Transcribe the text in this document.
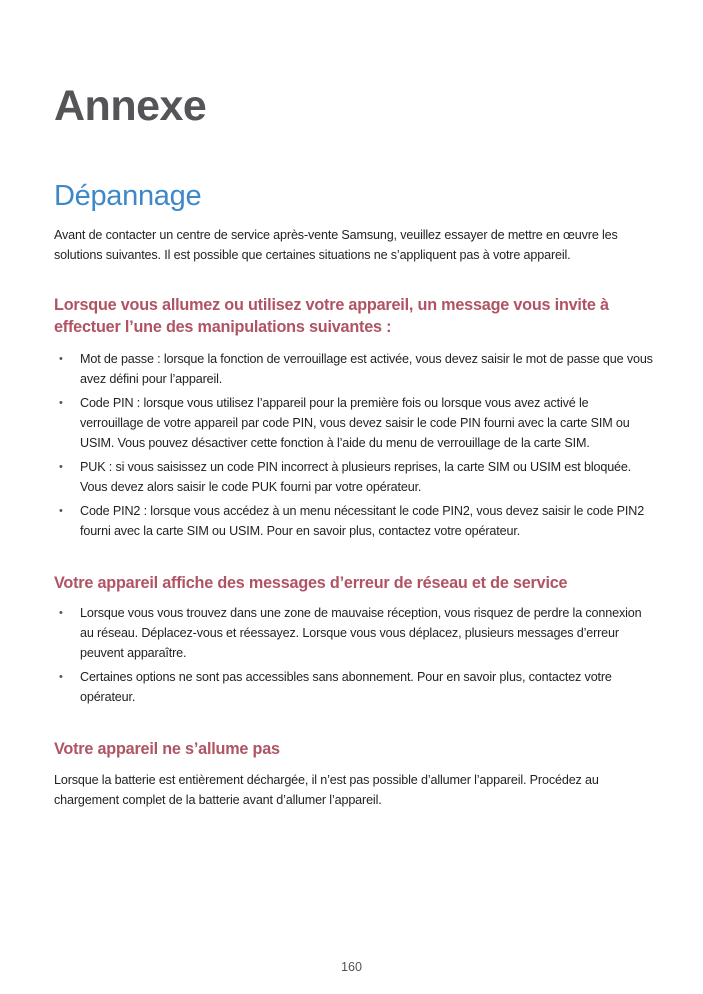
Annexe
Dépannage

Avant de contacter un centre de service après-vente Samsung, veuillez essayer de mettre en œuvre les solutions suivantes. Il est possible que certaines situations ne s’appliquent pas à votre appareil.

Lorsque vous allumez ou utilisez votre appareil, un message vous invite à effectuer l’une des manipulations suivantes :
• Mot de passe : lorsque la fonction de verrouillage est activée, vous devez saisir le mot de passe que vous avez défini pour l’appareil.
• Code PIN : lorsque vous utilisez l’appareil pour la première fois ou lorsque vous avez activé le verrouillage de votre appareil par code PIN, vous devez saisir le code PIN fourni avec la carte SIM ou USIM. Vous pouvez désactiver cette fonction à l’aide du menu de verrouillage de la carte SIM.
• PUK : si vous saisissez un code PIN incorrect à plusieurs reprises, la carte SIM ou USIM est bloquée. Vous devez alors saisir le code PUK fourni par votre opérateur.
• Code PIN2 : lorsque vous accédez à un menu nécessitant le code PIN2, vous devez saisir le code PIN2 fourni avec la carte SIM ou USIM. Pour en savoir plus, contactez votre opérateur.
Votre appareil affiche des messages d’erreur de réseau et de service
• Lorsque vous vous trouvez dans une zone de mauvaise réception, vous risquez de perdre la connexion au réseau. Déplacez-vous et réessayez. Lorsque vous vous déplacez, plusieurs messages d’erreur peuvent apparaître.
• Certaines options ne sont pas accessibles sans abonnement. Pour en savoir plus, contactez votre opérateur.
Votre appareil ne s’allume pas

Lorsque la batterie est entièrement déchargée, il n’est pas possible d’allumer l’appareil. Procédez au chargement complet de la batterie avant d’allumer l’appareil.

160
